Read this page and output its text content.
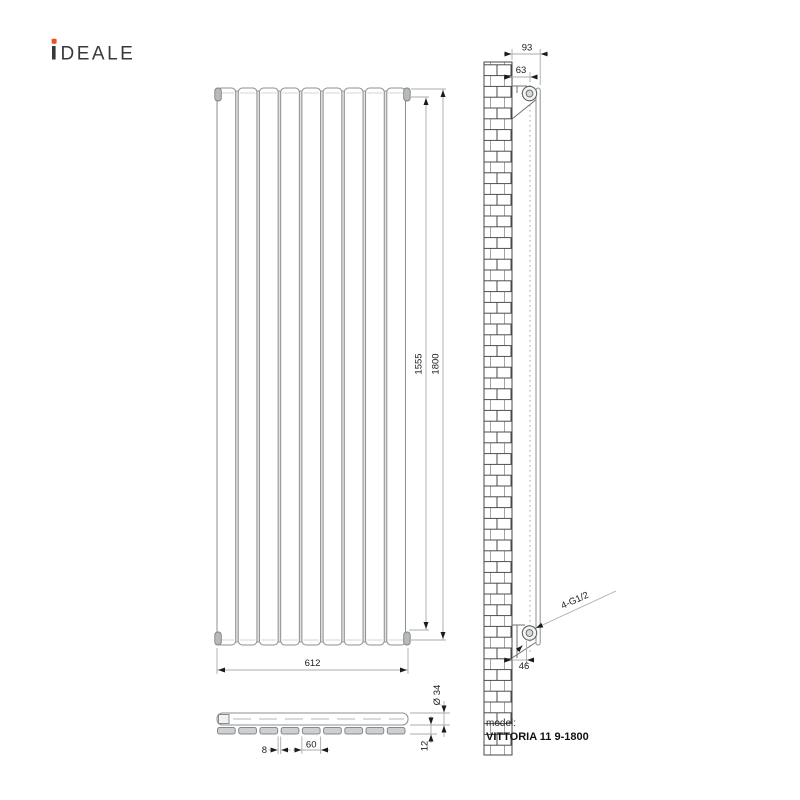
DEALE
1800
1555
612
8	60
Ø 34
12
93
63
46
4-G1/2
model:
VITTORIA 11 9-1800
